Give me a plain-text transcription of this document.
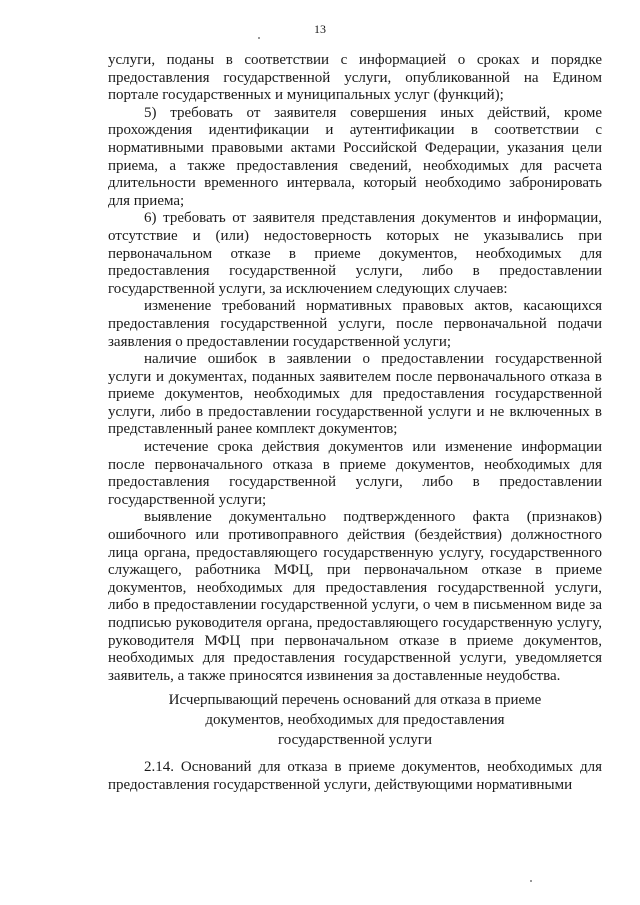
13

услуги, поданы в соответствии с информацией о сроках и порядке предоставления государственной услуги, опубликованной на Едином портале государственных и муниципальных услуг (функций);

5) требовать от заявителя совершения иных действий, кроме прохождения идентификации и аутентификации в соответствии с нормативными правовыми актами Российской Федерации, указания цели приема, а также предоставления сведений, необходимых для расчета длительности временного интервала, который необходимо забронировать для приема;

6) требовать от заявителя представления документов и информации, отсутствие и (или) недостоверность которых не указывались при первоначальном отказе в приеме документов, необходимых для предоставления государственной услуги, либо в предоставлении государственной услуги, за исключением следующих случаев:

изменение требований нормативных правовых актов, касающихся предоставления государственной услуги, после первоначальной подачи заявления о предоставлении государственной услуги;

наличие ошибок в заявлении о предоставлении государственной услуги и документах, поданных заявителем после первоначального отказа в приеме документов, необходимых для предоставления государственной услуги, либо в предоставлении государственной услуги и не включенных в представленный ранее комплект документов;

истечение срока действия документов или изменение информации после первоначального отказа в приеме документов, необходимых для предоставления государственной услуги, либо в предоставлении государственной услуги;

выявление документально подтвержденного факта (признаков) ошибочного или противоправного действия (бездействия) должностного лица органа, предоставляющего государственную услугу, государственного служащего, работника МФЦ, при первоначальном отказе в приеме документов, необходимых для предоставления государственной услуги, либо в предоставлении государственной услуги, о чем в письменном виде за подписью руководителя органа, предоставляющего государственную услугу, руководителя МФЦ при первоначальном отказе в приеме документов, необходимых для предоставления государственной услуги, уведомляется заявитель, а также приносятся извинения за доставленные неудобства.

Исчерпывающий перечень оснований для отказа в приеме
документов, необходимых для предоставления
государственной услуги

2.14. Оснований для отказа в приеме документов, необходимых для предоставления государственной услуги, действующими нормативными
